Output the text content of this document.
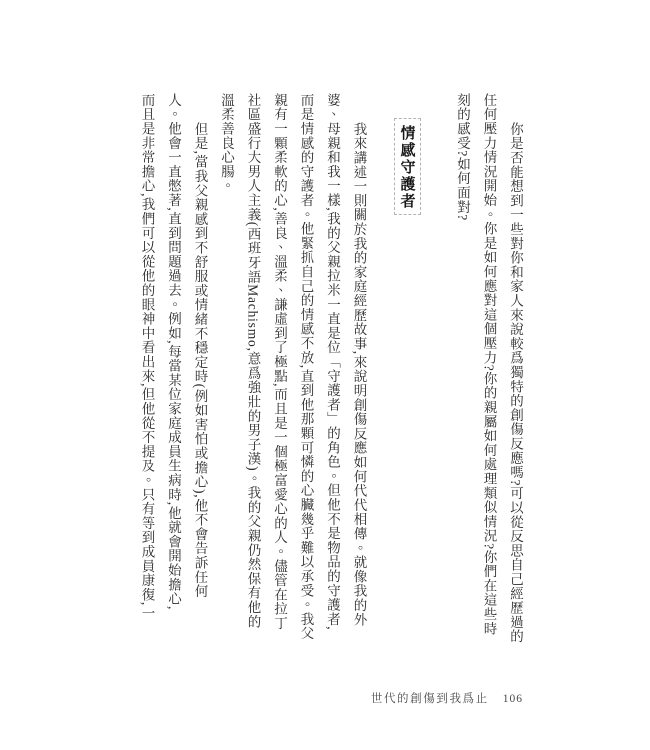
你是否能想到一些對你和家人來說較爲獨特的創傷反應嗎?可以從反思自己經歷過的
任何壓力情況開始。你是如何應對這個壓力?你的親屬如何處理類似情況?你們在這些時
刻的感受?如何面對?
情感守護者
我來講述一則關於我的家庭經歷故事,來說明創傷反應如何代代相傳。就像我的外
婆、母親和我一樣,我的父親拉米一直是位「守護者」的角色。但他不是物品的守護者,
而是情感的守護者。他緊抓自己的情感不放,直到他那顆可憐的心臟幾乎難以承受。我父
親有一顆柔軟的心,善良、溫柔、謙虛到了極點,而且是一個極富愛心的人。儘管在拉丁
社區盛行大男人主義(西班牙語Machismo,意爲強壯的男子漢)。我的父親仍然保有他的
溫柔善良心腸。
但是,當我父親感到不舒服或情緒不穩定時(例如害怕或擔心),他不會告訴任何
人。他會一直憋著,直到問題過去。例如,每當某位家庭成員生病時,他就會開始擔心,
而且是非常擔心,我們可以從他的眼神中看出來,但他從不提及。只有等到成員康復,一
世代的創傷到我爲止 106
